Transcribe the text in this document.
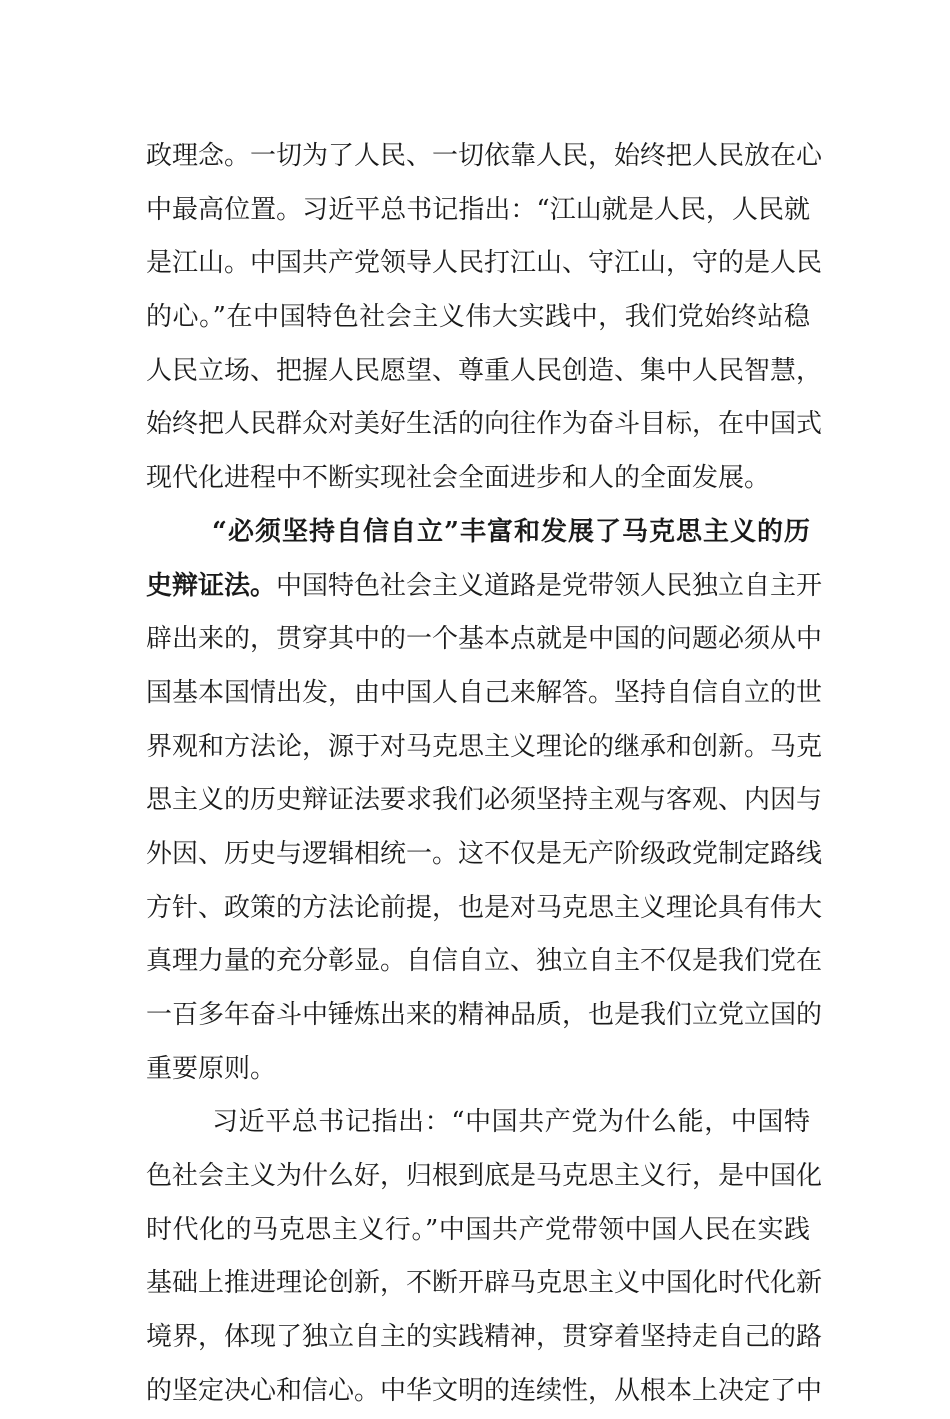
政理念。一切为了人民、一切依靠人民，始终把人民放在心
中最高位置。习近平总书记指出：“江山就是人民，人民就
是江山。中国共产党领导人民打江山、守江山，守的是人民
的心。”在中国特色社会主义伟大实践中，我们党始终站稳
人民立场、把握人民愿望、尊重人民创造、集中人民智慧，
始终把人民群众对美好生活的向往作为奋斗目标，在中国式
现代化进程中不断实现社会全面进步和人的全面发展。
“必须坚持自信自立”丰富和发展了马克思主义的历
史辩证法。中国特色社会主义道路是党带领人民独立自主开
辟出来的，贯穿其中的一个基本点就是中国的问题必须从中
国基本国情出发，由中国人自己来解答。坚持自信自立的世
界观和方法论，源于对马克思主义理论的继承和创新。马克
思主义的历史辩证法要求我们必须坚持主观与客观、内因与
外因、历史与逻辑相统一。这不仅是无产阶级政党制定路线
方针、政策的方法论前提，也是对马克思主义理论具有伟大
真理力量的充分彰显。自信自立、独立自主不仅是我们党在
一百多年奋斗中锤炼出来的精神品质，也是我们立党立国的
重要原则。
习近平总书记指出：“中国共产党为什么能，中国特
色社会主义为什么好，归根到底是马克思主义行，是中国化
时代化的马克思主义行。”中国共产党带领中国人民在实践
基础上推进理论创新，不断开辟马克思主义中国化时代化新
境界，体现了独立自主的实践精神，贯穿着坚持走自己的路
的坚定决心和信心。中华文明的连续性，从根本上决定了中
